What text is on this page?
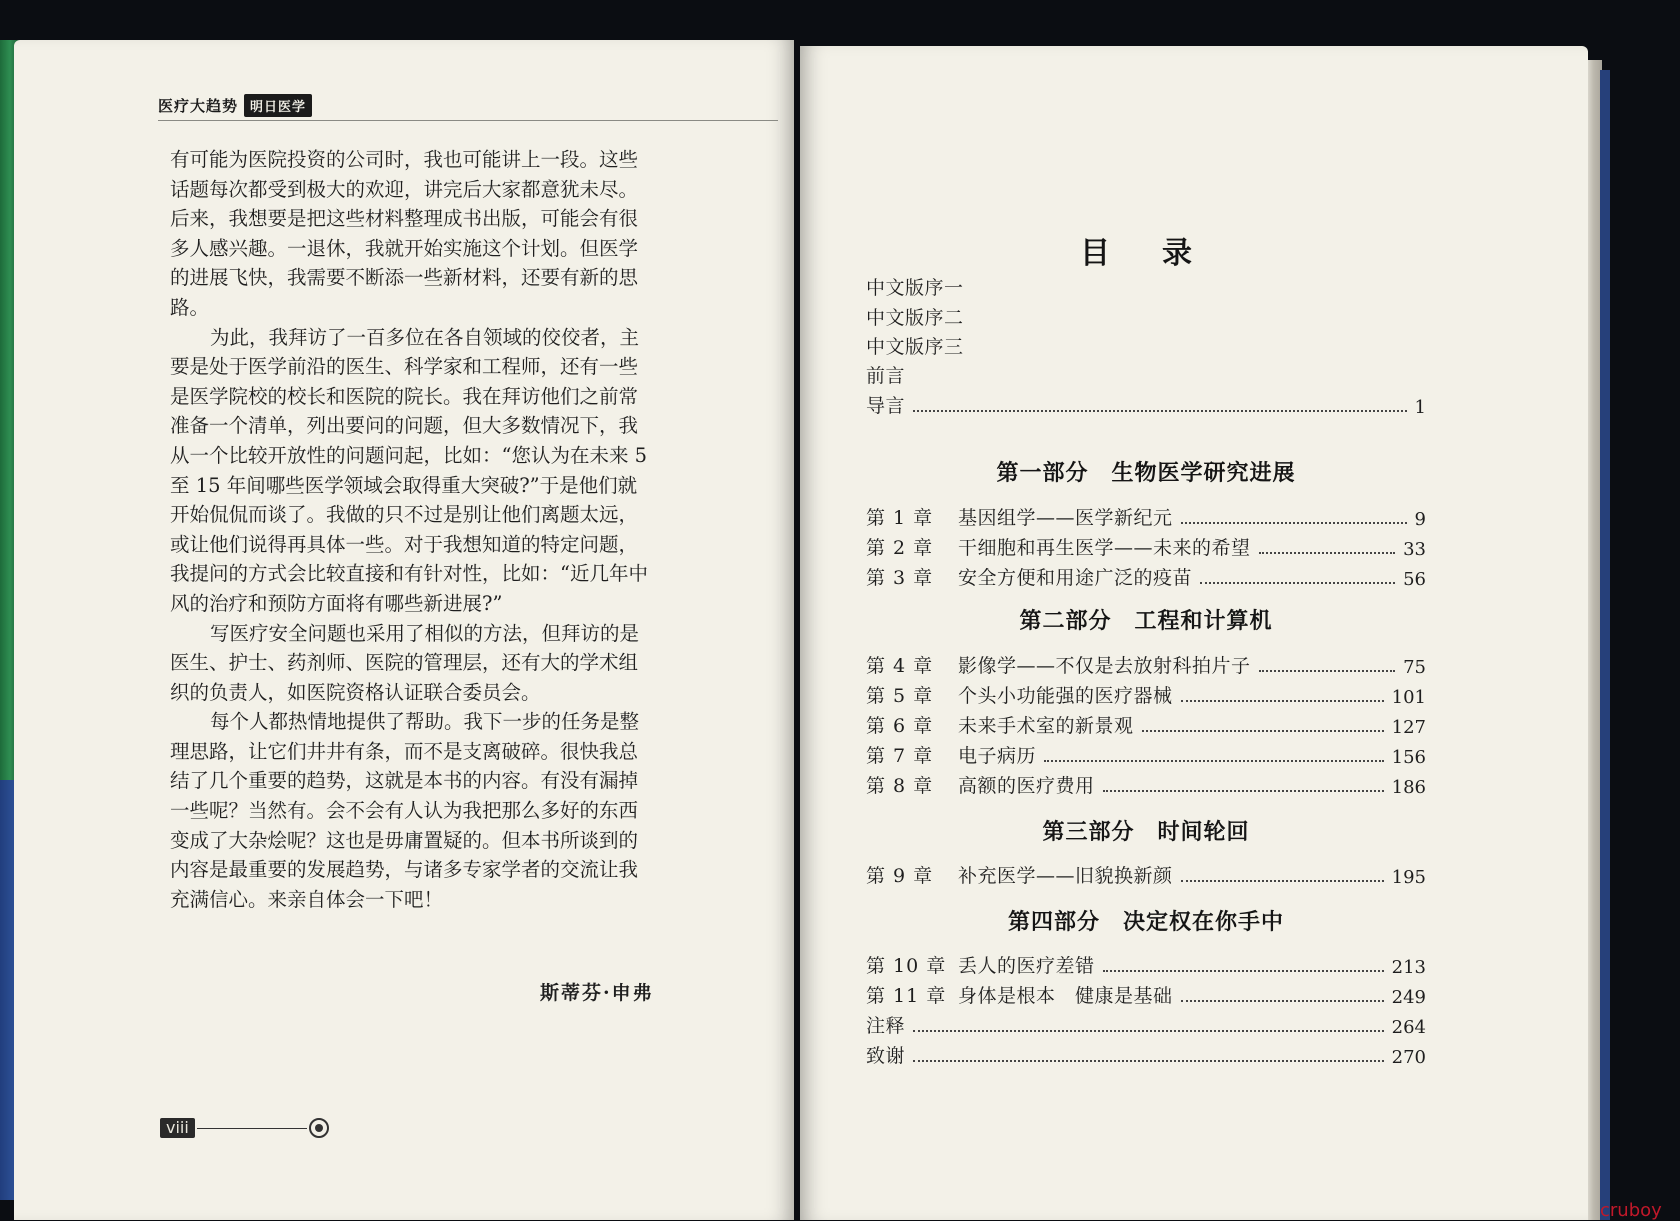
医疗大趋势 明日医学
有可能为医院投资的公司时，我也可能讲上一段。这些
话题每次都受到极大的欢迎，讲完后大家都意犹未尽。
后来，我想要是把这些材料整理成书出版，可能会有很
多人感兴趣。一退休，我就开始实施这个计划。但医学
的进展飞快，我需要不断添一些新材料，还要有新的思
路。
为此，我拜访了一百多位在各自领域的佼佼者，主
要是处于医学前沿的医生、科学家和工程师，还有一些
是医学院校的校长和医院的院长。我在拜访他们之前常
准备一个清单，列出要问的问题，但大多数情况下，我
从一个比较开放性的问题问起，比如：“您认为在未来 5
至 15 年间哪些医学领域会取得重大突破?”于是他们就
开始侃侃而谈了。我做的只不过是别让他们离题太远，
或让他们说得再具体一些。对于我想知道的特定问题，
我提问的方式会比较直接和有针对性，比如：“近几年中
风的治疗和预防方面将有哪些新进展?”
写医疗安全问题也采用了相似的方法，但拜访的是
医生、护士、药剂师、医院的管理层，还有大的学术组
织的负责人，如医院资格认证联合委员会。
每个人都热情地提供了帮助。我下一步的任务是整
理思路，让它们井井有条，而不是支离破碎。很快我总
结了几个重要的趋势，这就是本书的内容。有没有漏掉
一些呢？当然有。会不会有人认为我把那么多好的东西
变成了大杂烩呢？这也是毋庸置疑的。但本书所谈到的
内容是最重要的发展趋势，与诸多专家学者的交流让我
充满信心。来亲自体会一下吧！
斯蒂芬·申弗
viii
目录
中文版序一
中文版序二
中文版序三
前言
导言	1
第一部分　生物医学研究进展
第 1 章	基因组学——医学新纪元	9
第 2 章	干细胞和再生医学——未来的希望	33
第 3 章	安全方便和用途广泛的疫苗	56
第二部分　工程和计算机
第 4 章	影像学——不仅是去放射科拍片子	75
第 5 章	个头小功能强的医疗器械	101
第 6 章	未来手术室的新景观	127
第 7 章	电子病历	156
第 8 章	高额的医疗费用	186
第三部分　时间轮回
第 9 章	补充医学——旧貌换新颜	195
第四部分　决定权在你手中
第 10 章 丢人的医疗差错	213
第 11 章 身体是根本　健康是基础	249
注释	264
致谢	270
cruboy
